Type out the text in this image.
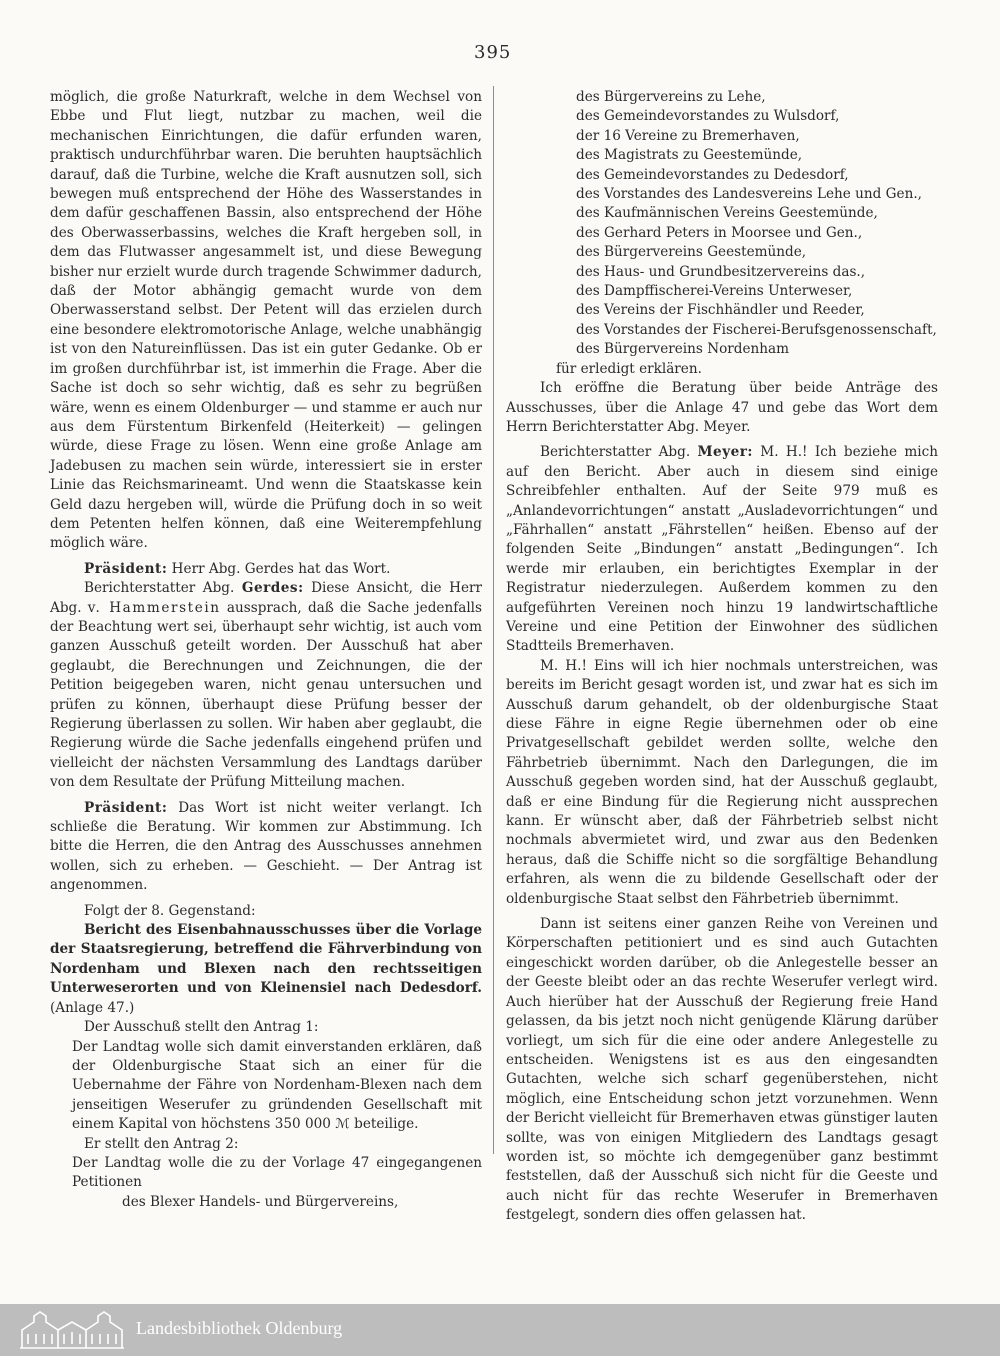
395

möglich, die große Naturkraft, welche in dem Wechsel von Ebbe und Flut liegt, nutzbar zu machen, weil die mechanischen Einrichtungen, die dafür erfunden waren, praktisch undurchführbar waren. Die beruhten hauptsächlich darauf, daß die Turbine, welche die Kraft ausnutzen soll, sich bewegen muß entsprechend der Höhe des Wasserstandes in dem dafür geschaffenen Bassin, also entsprechend der Höhe des Oberwasserbassins, welches die Kraft hergeben soll, in dem das Flutwasser angesammelt ist, und diese Bewegung bisher nur erzielt wurde durch tragende Schwimmer dadurch, daß der Motor abhängig gemacht wurde von dem Oberwasserstand selbst. Der Petent will das erzielen durch eine besondere elektromotorische Anlage, welche unabhängig ist von den Natureinflüssen. Das ist ein guter Gedanke. Ob er im großen durchführbar ist, ist immerhin die Frage. Aber die Sache ist doch so sehr wichtig, daß es sehr zu begrüßen wäre, wenn es einem Oldenburger — und stamme er auch nur aus dem Fürstentum Birkenfeld (Heiterkeit) — gelingen würde, diese Frage zu lösen. Wenn eine große Anlage am Jadebusen zu machen sein würde, interessiert sie in erster Linie das Reichsmarineamt. Und wenn die Staatskasse kein Geld dazu hergeben will, würde die Prüfung doch in so weit dem Petenten helfen können, daß eine Weiterempfehlung möglich wäre.

Präsident: Herr Abg. Gerdes hat das Wort.

Berichterstatter Abg. Gerdes: Diese Ansicht, die Herr Abg. v. Hammerstein aussprach, daß die Sache jedenfalls der Beachtung wert sei, überhaupt sehr wichtig, ist auch vom ganzen Ausschuß geteilt worden. Der Ausschuß hat aber geglaubt, die Berechnungen und Zeichnungen, die der Petition beigegeben waren, nicht genau untersuchen und prüfen zu können, überhaupt diese Prüfung besser der Regierung überlassen zu sollen. Wir haben aber geglaubt, die Regierung würde die Sache jedenfalls eingehend prüfen und vielleicht der nächsten Versammlung des Landtags darüber von dem Resultate der Prüfung Mitteilung machen.

Präsident: Das Wort ist nicht weiter verlangt. Ich schließe die Beratung. Wir kommen zur Abstimmung. Ich bitte die Herren, die den Antrag des Ausschusses annehmen wollen, sich zu erheben. — Geschieht. — Der Antrag ist angenommen.

Folgt der 8. Gegenstand:

Bericht des Eisenbahnausschusses über die Vorlage der Staatsregierung, betreffend die Fährverbindung von Nordenham und Blexen nach den rechtsseitigen Unterweserorten und von Kleinensiel nach Dedesdorf. (Anlage 47.)

Der Ausschuß stellt den Antrag 1:

Der Landtag wolle sich damit einverstanden erklären, daß der Oldenburgische Staat sich an einer für die Uebernahme der Fähre von Nordenham-Blexen nach dem jenseitigen Weserufer zu gründenden Gesellschaft mit einem Kapital von höchstens 350 000 ℳ beteilige.

Er stellt den Antrag 2:

Der Landtag wolle die zu der Vorlage 47 eingegangenen Petitionen

des Blexer Handels- und Bürgervereins,

des Bürgervereins zu Lehe,

des Gemeindevorstandes zu Wulsdorf,

der 16 Vereine zu Bremerhaven,

des Magistrats zu Geestemünde,

des Gemeindevorstandes zu Dedesdorf,

des Vorstandes des Landesvereins Lehe und Gen.,

des Kaufmännischen Vereins Geestemünde,

des Gerhard Peters in Moorsee und Gen.,

des Bürgervereins Geestemünde,

des Haus- und Grundbesitzervereins das.,

des Dampffischerei-Vereins Unterweser,

des Vereins der Fischhändler und Reeder,

des Vorstandes der Fischerei-Berufsgenossenschaft,

des Bürgervereins Nordenham

für erledigt erklären.

Ich eröffne die Beratung über beide Anträge des Ausschusses, über die Anlage 47 und gebe das Wort dem Herrn Berichterstatter Abg. Meyer.

Berichterstatter Abg. Meyer: M. H.! Ich beziehe mich auf den Bericht. Aber auch in diesem sind einige Schreibfehler enthalten. Auf der Seite 979 muß es „Anlandevorrichtungen“ anstatt „Ausladevorrichtungen“ und „Fährhallen“ anstatt „Fährstellen“ heißen. Ebenso auf der folgenden Seite „Bindungen“ anstatt „Bedingungen“. Ich werde mir erlauben, ein berichtigtes Exemplar in der Registratur niederzulegen. Außerdem kommen zu den aufgeführten Vereinen noch hinzu 19 landwirtschaftliche Vereine und eine Petition der Einwohner des südlichen Stadtteils Bremerhaven.

M. H.! Eins will ich hier nochmals unterstreichen, was bereits im Bericht gesagt worden ist, und zwar hat es sich im Ausschuß darum gehandelt, ob der oldenburgische Staat diese Fähre in eigne Regie übernehmen oder ob eine Privatgesellschaft gebildet werden sollte, welche den Fährbetrieb übernimmt. Nach den Darlegungen, die im Ausschuß gegeben worden sind, hat der Ausschuß geglaubt, daß er eine Bindung für die Regierung nicht aussprechen kann. Er wünscht aber, daß der Fährbetrieb selbst nicht nochmals abvermietet wird, und zwar aus den Bedenken heraus, daß die Schiffe nicht so die sorgfältige Behandlung erfahren, als wenn die zu bildende Gesellschaft oder der oldenburgische Staat selbst den Fährbetrieb übernimmt.

Dann ist seitens einer ganzen Reihe von Vereinen und Körperschaften petitioniert und es sind auch Gutachten eingeschickt worden darüber, ob die Anlegestelle besser an der Geeste bleibt oder an das rechte Weserufer verlegt wird. Auch hierüber hat der Ausschuß der Regierung freie Hand gelassen, da bis jetzt noch nicht genügende Klärung darüber vorliegt, um sich für die eine oder andere Anlegestelle zu entscheiden. Wenigstens ist es aus den eingesandten Gutachten, welche sich scharf gegenüberstehen, nicht möglich, eine Entscheidung schon jetzt vorzunehmen. Wenn der Bericht vielleicht für Bremerhaven etwas günstiger lauten sollte, was von einigen Mitgliedern des Landtags gesagt worden ist, so möchte ich demgegenüber ganz bestimmt feststellen, daß der Ausschuß sich nicht für die Geeste und auch nicht für das rechte Weserufer in Bremerhaven festgelegt, sondern dies offen gelassen hat.

Landesbibliothek Oldenburg
